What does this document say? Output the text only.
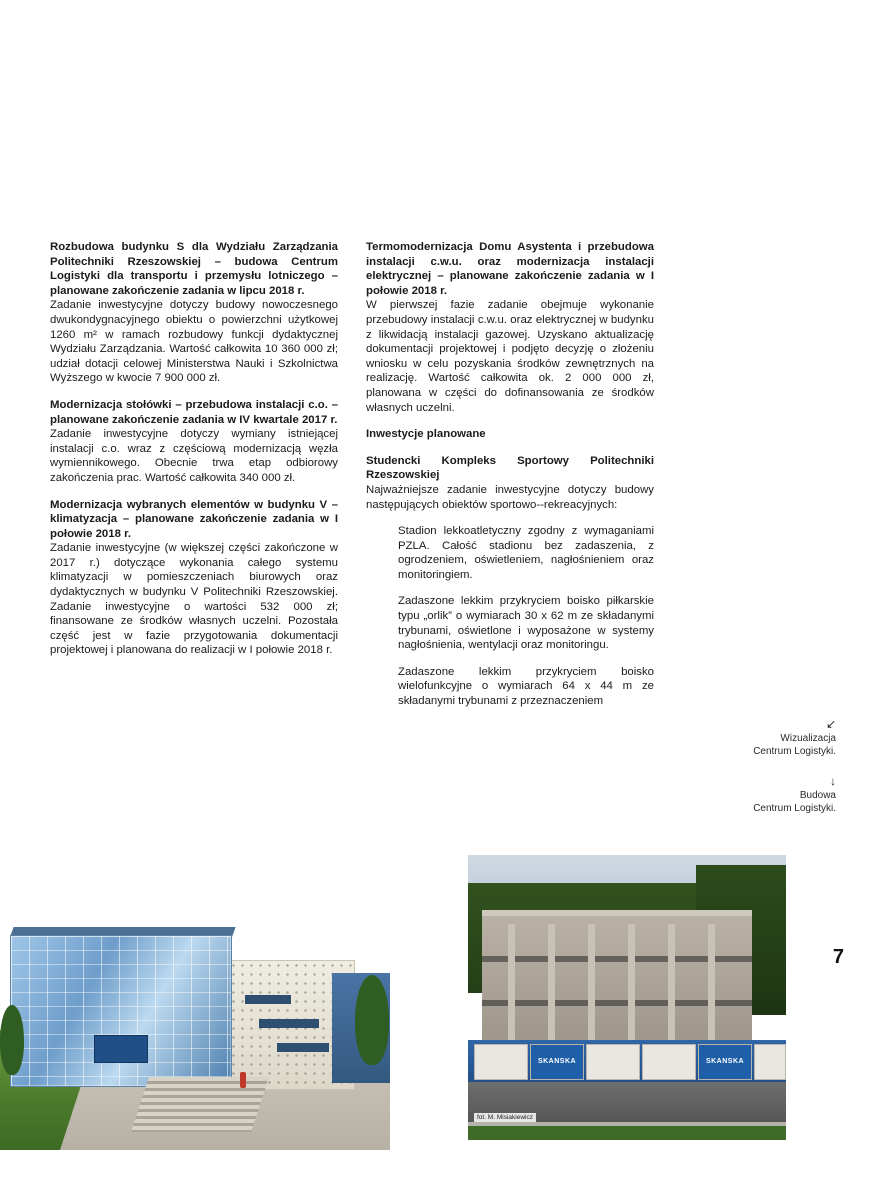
Rozbudowa budynku S dla Wydziału Zarządzania Politechniki Rzeszowskiej – budowa Centrum Logistyki dla transportu i przemysłu lotniczego – planowane zakończenie zadania w lipcu 2018 r.

Zadanie inwestycyjne dotyczy budowy nowoczesnego dwukondygnacyjnego obiektu o powierzchni użytkowej 1260 m² w ramach rozbudowy funkcji dydaktycznej Wydziału Zarządzania. Wartość całkowita 10 360 000 zł; udział dotacji celowej Ministerstwa Nauki i Szkolnictwa Wyższego w kwocie 7 900 000 zł.

Modernizacja stołówki – przebudowa instalacji c.o. – planowane zakończenie zadania w IV kwartale 2017 r.

Zadanie inwestycyjne dotyczy wymiany istniejącej instalacji c.o. wraz z częściową modernizacją węzła wymiennikowego. Obecnie trwa etap odbiorowy zakończenia prac. Wartość całkowita 340 000 zł.

Modernizacja wybranych elementów w budynku V – klimatyzacja – planowane zakończenie zadania w I połowie 2018 r.

Zadanie inwestycyjne (w większej części zakończone w 2017 r.) dotyczące wykonania całego systemu klimatyzacji w pomieszczeniach biurowych oraz dydaktycznych w budynku V Politechniki Rzeszowskiej. Zadanie inwestycyjne o wartości 532 000 zł; finansowane ze środków własnych uczelni. Pozostała część jest w fazie przygotowania dokumentacji projektowej i planowana do realizacji w I połowie 2018 r.

Termomodernizacja Domu Asystenta i przebudowa instalacji c.w.u. oraz modernizacja instalacji elektrycznej – planowane zakończenie zadania w I połowie 2018 r.

W pierwszej fazie zadanie obejmuje wykonanie przebudowy instalacji c.w.u. oraz elektrycznej w budynku z likwidacją instalacji gazowej. Uzyskano aktualizację dokumentacji projektowej i podjęto decyzję o złożeniu wniosku w celu pozyskania środków zewnętrznych na realizację. Wartość całkowita ok. 2 000 000 zł, planowana w części do dofinansowania ze środków własnych uczelni.

Inwestycje planowane

Studencki Kompleks Sportowy Politechniki Rzeszowskiej

Najważniejsze zadanie inwestycyjne dotyczy budowy następujących obiektów sportowo--rekreacyjnych:

Stadion lekkoatletyczny zgodny z wymaganiami PZLA. Całość stadionu bez zadaszenia, z ogrodzeniem, oświetleniem, nagłośnieniem oraz monitoringiem.

Zadaszone lekkim przykryciem boisko piłkarskie typu „orlik” o wymiarach 30 x 62 m ze składanymi trybunami, oświetlone i wyposażone w systemy nagłośnienia, wentylacji oraz monitoringu.

Zadaszone lekkim przykryciem boisko wielofunkcyjne o wymiarach 64 x 44 m ze składanymi trybunami z przeznaczeniem

↙
Wizualizacja
Centrum Logistyki.
↓
Budowa
Centrum Logistyki.
7
SKANSKA	SKANSKA
fot. M. Misiakiewicz
